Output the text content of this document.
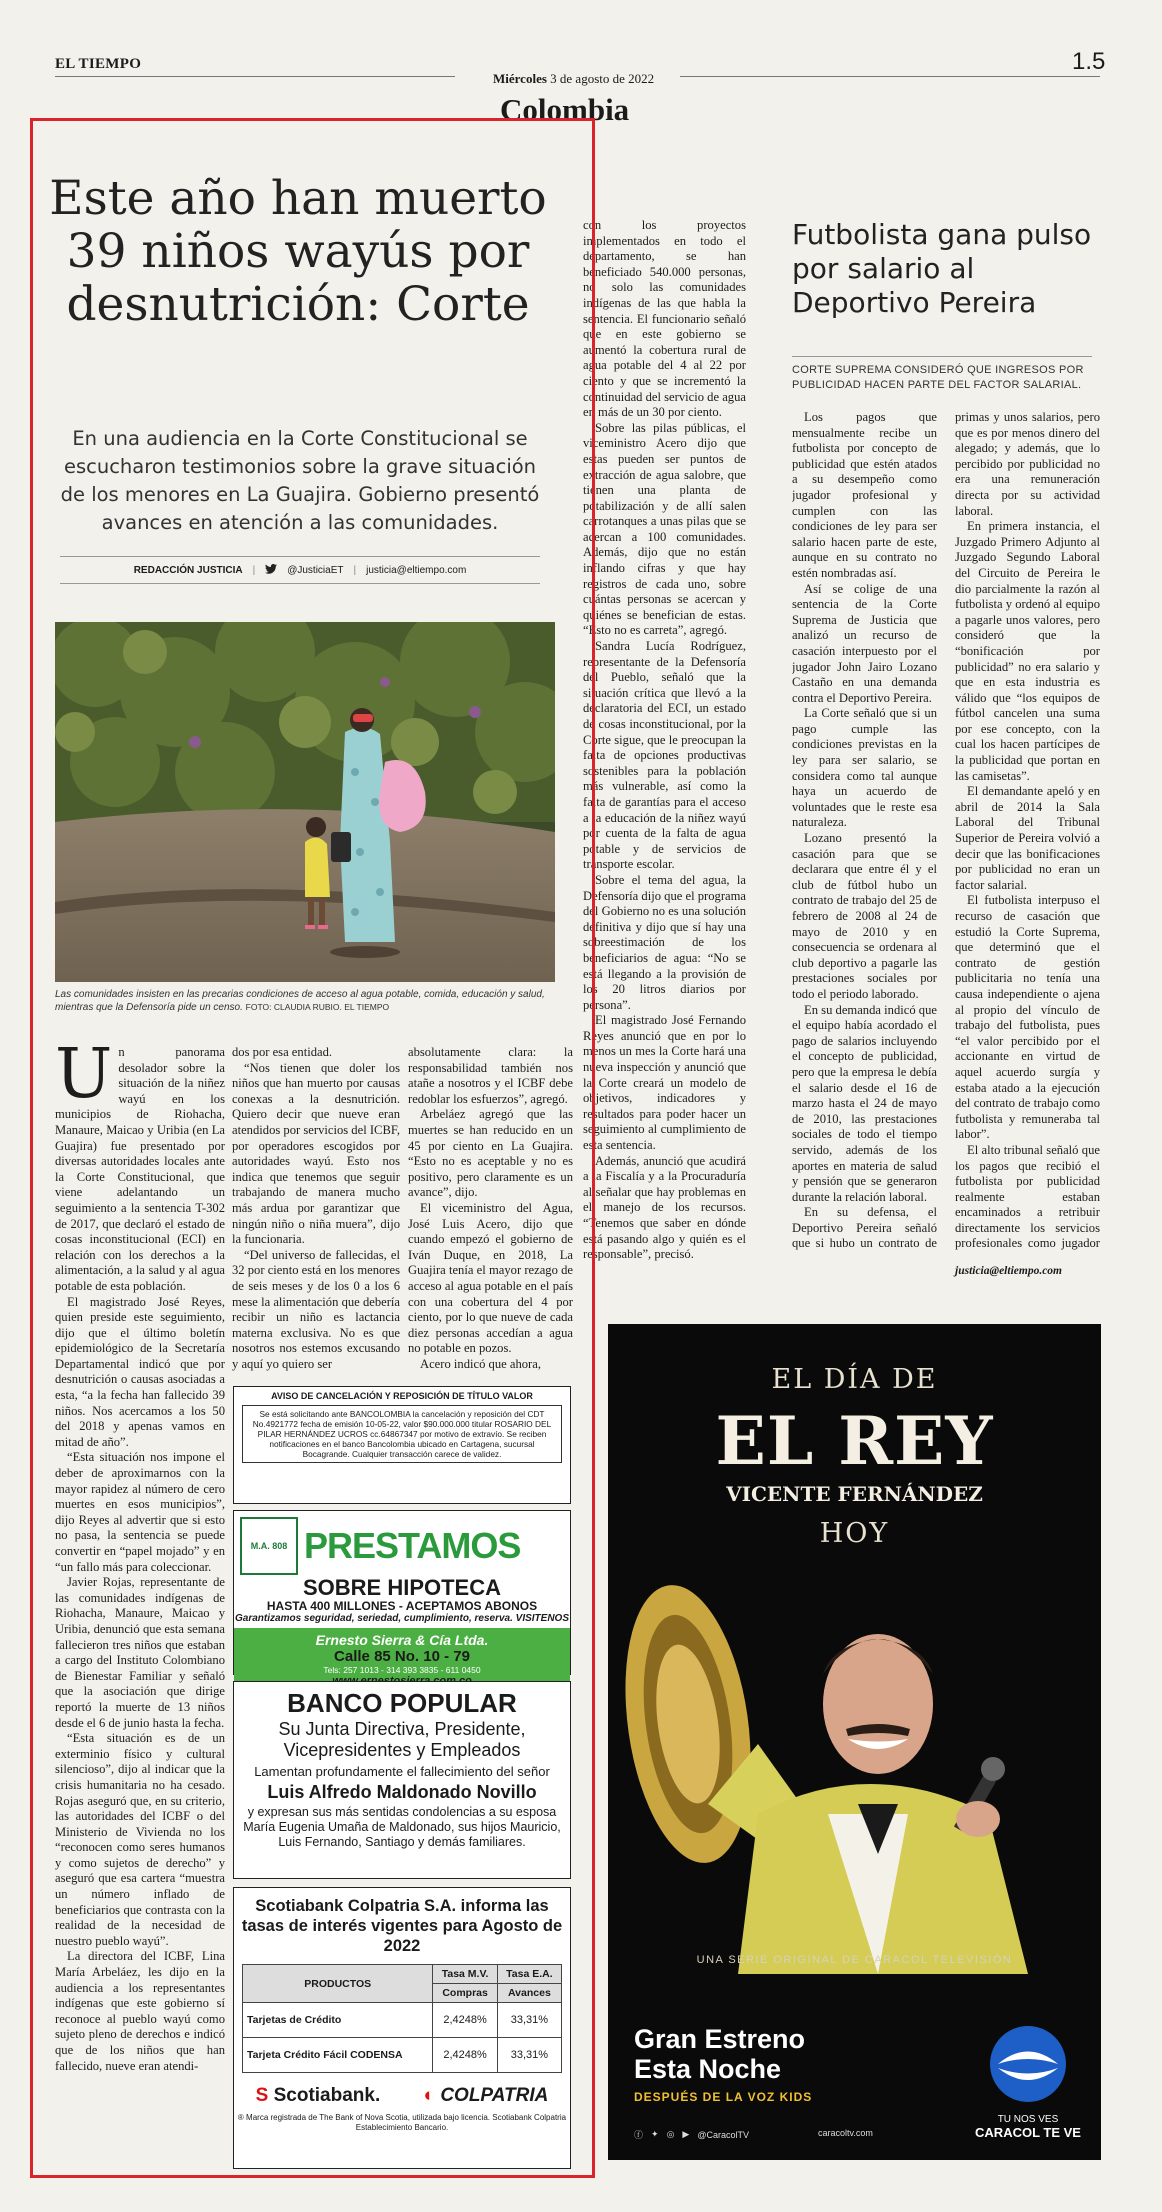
EL TIEMPO
Miércoles 3 de agosto de 2022
1.5
Colombia
Este año han muerto 39 niños wayús por desnutrición: Corte
En una audiencia en la Corte Constitucional se escucharon testimonios sobre la grave situación de los menores en La Guajira. Gobierno presentó avances en atención a las comunidades.
REDACCIÓN JUSTICIA |	@JusticiaET | justicia@eltiempo.com
Las comunidades insisten en las precarias condiciones de acceso al agua potable, comida, educación y salud, mientras que la Defensoría pide un censo. FOTO: CLAUDIA RUBIO. EL TIEMPO

Un panorama desolador sobre la situación de la niñez wayú en los municipios de Riohacha, Manaure, Maicao y Uribia (en La Guajira) fue presentado por diversas autoridades locales ante la Corte Constitucional, que viene adelantando un seguimiento a la sentencia T-302 de 2017, que declaró el estado de cosas inconstitucional (ECI) en relación con los derechos a la alimentación, a la salud y al agua potable de esta población.

El magistrado José Reyes, quien preside este seguimiento, dijo que el último boletín epidemiológico de la Secretaría Departamental indicó que por desnutrición o causas asociadas a esta, “a la fecha han fallecido 39 niños. Nos acercamos a los 50 del 2018 y apenas vamos en mitad de año”.

“Esta situación nos impone el deber de aproximarnos con la mayor rapidez al número de cero muertes en esos municipios”, dijo Reyes al advertir que si esto no pasa, la sentencia se puede convertir en “papel mojado” y en “un fallo más para coleccionar.

Javier Rojas, representante de las comunidades indígenas de Riohacha, Manaure, Maicao y Uribia, denunció que esta semana fallecieron tres niños que estaban a cargo del Instituto Colombiano de Bienestar Familiar y señaló que la asociación que dirige reportó la muerte de 13 niños desde el 6 de junio hasta la fecha.

“Esta situación es de un exterminio físico y cultural silencioso”, dijo al indicar que la crisis humanitaria no ha cesado. Rojas aseguró que, en su criterio, las autoridades del ICBF o del Ministerio de Vivienda no los “reconocen como seres humanos y como sujetos de derecho” y aseguró que esa cartera “muestra un número inflado de beneficiarios que contrasta con la realidad de la necesidad de nuestro pueblo wayú”.

La directora del ICBF, Lina María Arbeláez, les dijo en la audiencia a los representantes indígenas que este gobierno sí reconoce al pueblo wayú como sujeto pleno de derechos e indicó que de los niños que han fallecido, nueve eran atendi-

dos por esa entidad.

“Nos tienen que doler los niños que han muerto por causas conexas a la desnutrición. Quiero decir que nueve eran atendidos por servicios del ICBF, por operadores escogidos por autoridades wayú. Esto nos indica que tenemos que seguir trabajando de manera mucho más ardua por garantizar que ningún niño o niña muera”, dijo la funcionaria.

“Del universo de fallecidas, el 32 por ciento está en los menores de seis meses y de los 0 a los 6 mese la alimentación que debería recibir un niño es lactancia materna exclusiva. No es que nosotros nos estemos excusando y aquí yo quiero ser

absolutamente clara: la responsabilidad también nos atañe a nosotros y el ICBF debe redoblar los esfuerzos”, agregó.

Arbeláez agregó que las muertes se han reducido en un 45 por ciento en La Guajira. “Esto no es aceptable y no es positivo, pero claramente es un avance”, dijo.

El viceministro del Agua, José Luis Acero, dijo que cuando empezó el gobierno de Iván Duque, en 2018, La Guajira tenía el mayor rezago de acceso al agua potable en el país con una cobertura del 4 por ciento, por lo que nueve de cada diez personas accedían a agua no potable en pozos.

Acero indicó que ahora,

con los proyectos implementados en todo el departamento, se han beneficiado 540.000 personas, no solo las comunidades indígenas de las que habla la sentencia. El funcionario señaló que en este gobierno se aumentó la cobertura rural de agua potable del 4 al 22 por ciento y que se incrementó la continuidad del servicio de agua en más de un 30 por ciento.

Sobre las pilas públicas, el viceministro Acero dijo que estas pueden ser puntos de extracción de agua salobre, que tienen una planta de potabilización y de allí salen carrotanques a unas pilas que se acercan a 100 comunidades. Además, dijo que no están inflando cifras y que hay registros de cada uno, sobre cuántas personas se acercan y quiénes se benefician de estas. “Esto no es carreta”, agregó.

Sandra Lucía Rodríguez, representante de la Defensoría del Pueblo, señaló que la situación crítica que llevó a la declaratoria del ECI, un estado de cosas inconstitucional, por la Corte sigue, que le preocupan la falta de opciones productivas sostenibles para la población más vulnerable, así como la falta de garantías para el acceso a la educación de la niñez wayú por cuenta de la falta de agua potable y de servicios de transporte escolar.

Sobre el tema del agua, la Defensoría dijo que el programa del Gobierno no es una solución definitiva y dijo que sí hay una sobreestimación de los beneficiarios de agua: “No se está llegando a la provisión de los 20 litros diarios por persona”.

El magistrado José Fernando Reyes anunció que en por lo menos un mes la Corte hará una nueva inspección y anunció que la Corte creará un modelo de objetivos, indicadores y resultados para poder hacer un seguimiento al cumplimiento de esta sentencia.

Además, anunció que acudirá a la Fiscalía y a la Procuraduría al señalar que hay problemas en el manejo de los recursos. “Tenemos que saber en dónde está pasando algo y quién es el responsable”, precisó.

AVISO DE CANCELACIÓN Y REPOSICIÓN DE TÍTULO VALOR
Se está solicitando ante BANCOLOMBIA la cancelación y reposición del CDT No.4921772 fecha de emisión 10-05-22, valor $90.000.000 titular ROSARIO DEL PILAR HERNÁNDEZ UCROS cc.64867347 por motivo de extravío. Se reciben notificaciones en el banco Bancolombia ubicado en Cartagena, sucursal Bocagrande. Cualquier transacción carece de validez.
M.A. 808 PRESTAMOS
SOBRE HIPOTECA
HASTA 400 MILLONES - ACEPTAMOS ABONOS
Garantizamos seguridad, seriedad, cumplimiento, reserva. VISITENOS
Ernesto Sierra & Cía Ltda.
Calle 85 No. 10 - 79
Tels: 257 1013 - 314 393 3835 - 611 0450
BANCO POPULAR
Su Junta Directiva, Presidente,
Vicepresidentes y Empleados
Lamentan profundamente el fallecimiento del señor
Luis Alfredo Maldonado Novillo
y expresan sus más sentidas condolencias a su esposa María Eugenia Umaña de Maldonado, sus hijos Mauricio, Luis Fernando, Santiago y demás familiares.
Scotiabank Colpatria S.A. informa las tasas de interés vigentes para Agosto de 2022
PRODUCTOS	Tasa M.V.	Tasa E.A.
	Compras	Avances
Tarjetas de Crédito	2,4248%	33,31%
Tarjeta Crédito Fácil CODENSA	2,4248%	33,31%
S Scotiabank. ◐ COLPATRIA
® Marca registrada de The Bank of Nova Scotia, utilizada bajo licencia. Scotiabank Colpatria Establecimiento Bancario.
Futbolista gana pulso por salario al Deportivo Pereira
CORTE SUPREMA CONSIDERÓ QUE INGRESOS POR PUBLICIDAD HACEN PARTE DEL FACTOR SALARIAL.

Los pagos que mensualmente recibe un futbolista por concepto de publicidad que estén atados a su desempeño como jugador profesional y cumplen con las condiciones de ley para ser salario hacen parte de este, aunque en su contrato no estén nombradas así.

Así se colige de una sentencia de la Corte Suprema de Justicia que analizó un recurso de casación interpuesto por el jugador John Jairo Lozano Castaño en una demanda contra el Deportivo Pereira.

La Corte señaló que si un pago cumple las condiciones previstas en la ley para ser salario, se considera como tal aunque haya un acuerdo de voluntades que le reste esa naturaleza.

Lozano presentó la casación para que se declarara que entre él y el club de fútbol hubo un contrato de trabajo del 25 de febrero de 2008 al 24 de mayo de 2010 y en consecuencia se ordenara al club deportivo a pagarle las prestaciones sociales por todo el periodo laborado.

En su demanda indicó que el equipo había acordado el pago de salarios incluyendo el concepto de publicidad, pero que la empresa le debía el salario desde el 16 de marzo hasta el 24 de mayo de 2010, las prestaciones sociales de todo el tiempo servido, además de los aportes en materia de salud y pensión que se generaron durante la relación laboral.

En su defensa, el Deportivo Pereira señaló que si hubo un contrato de

primas y unos salarios, pero que es por menos dinero del alegado; y además, que lo percibido por publicidad no era una remuneración directa por su actividad laboral.

En primera instancia, el Juzgado Primero Adjunto al Juzgado Segundo Laboral del Circuito de Pereira le dio parcialmente la razón al futbolista y ordenó al equipo a pagarle unos valores, pero consideró que la “bonificación por publicidad” no era salario y que en esta industria es válido que “los equipos de fútbol cancelen una suma por ese concepto, con la cual los hacen partícipes de la publicidad que portan en las camisetas”.

El demandante apeló y en abril de 2014 la Sala Laboral del Tribunal Superior de Pereira volvió a decir que las bonificaciones por publicidad no eran un factor salarial.

El futbolista interpuso el recurso de casación que estudió la Corte Suprema, que determinó que el contrato de gestión publicitaria no tenía una causa independiente o ajena al propio del vínculo de trabajo del futbolista, pues “el valor percibido por el accionante en virtud de aquel acuerdo surgía y estaba atado a la ejecución del contrato de trabajo como futbolista y remuneraba tal labor”.

El alto tribunal señaló que los pagos que recibió el futbolista por publicidad realmente estaban encaminados a retribuir directamente los servicios profesionales como jugador

justicia@eltiempo.com
EL DÍA DE
EL REY
VICENTE FERNÁNDEZ
HOY
UNA SERIE ORIGINAL DE CARACOL TELEVISIÓN
Gran Estreno
Esta Noche
DESPUÉS DE LA VOZ KIDS
ⓕ ✦ ◎ ▶ @CaracolTV	caracoltv.com
TU NOS VES
CARACOL TE VE
